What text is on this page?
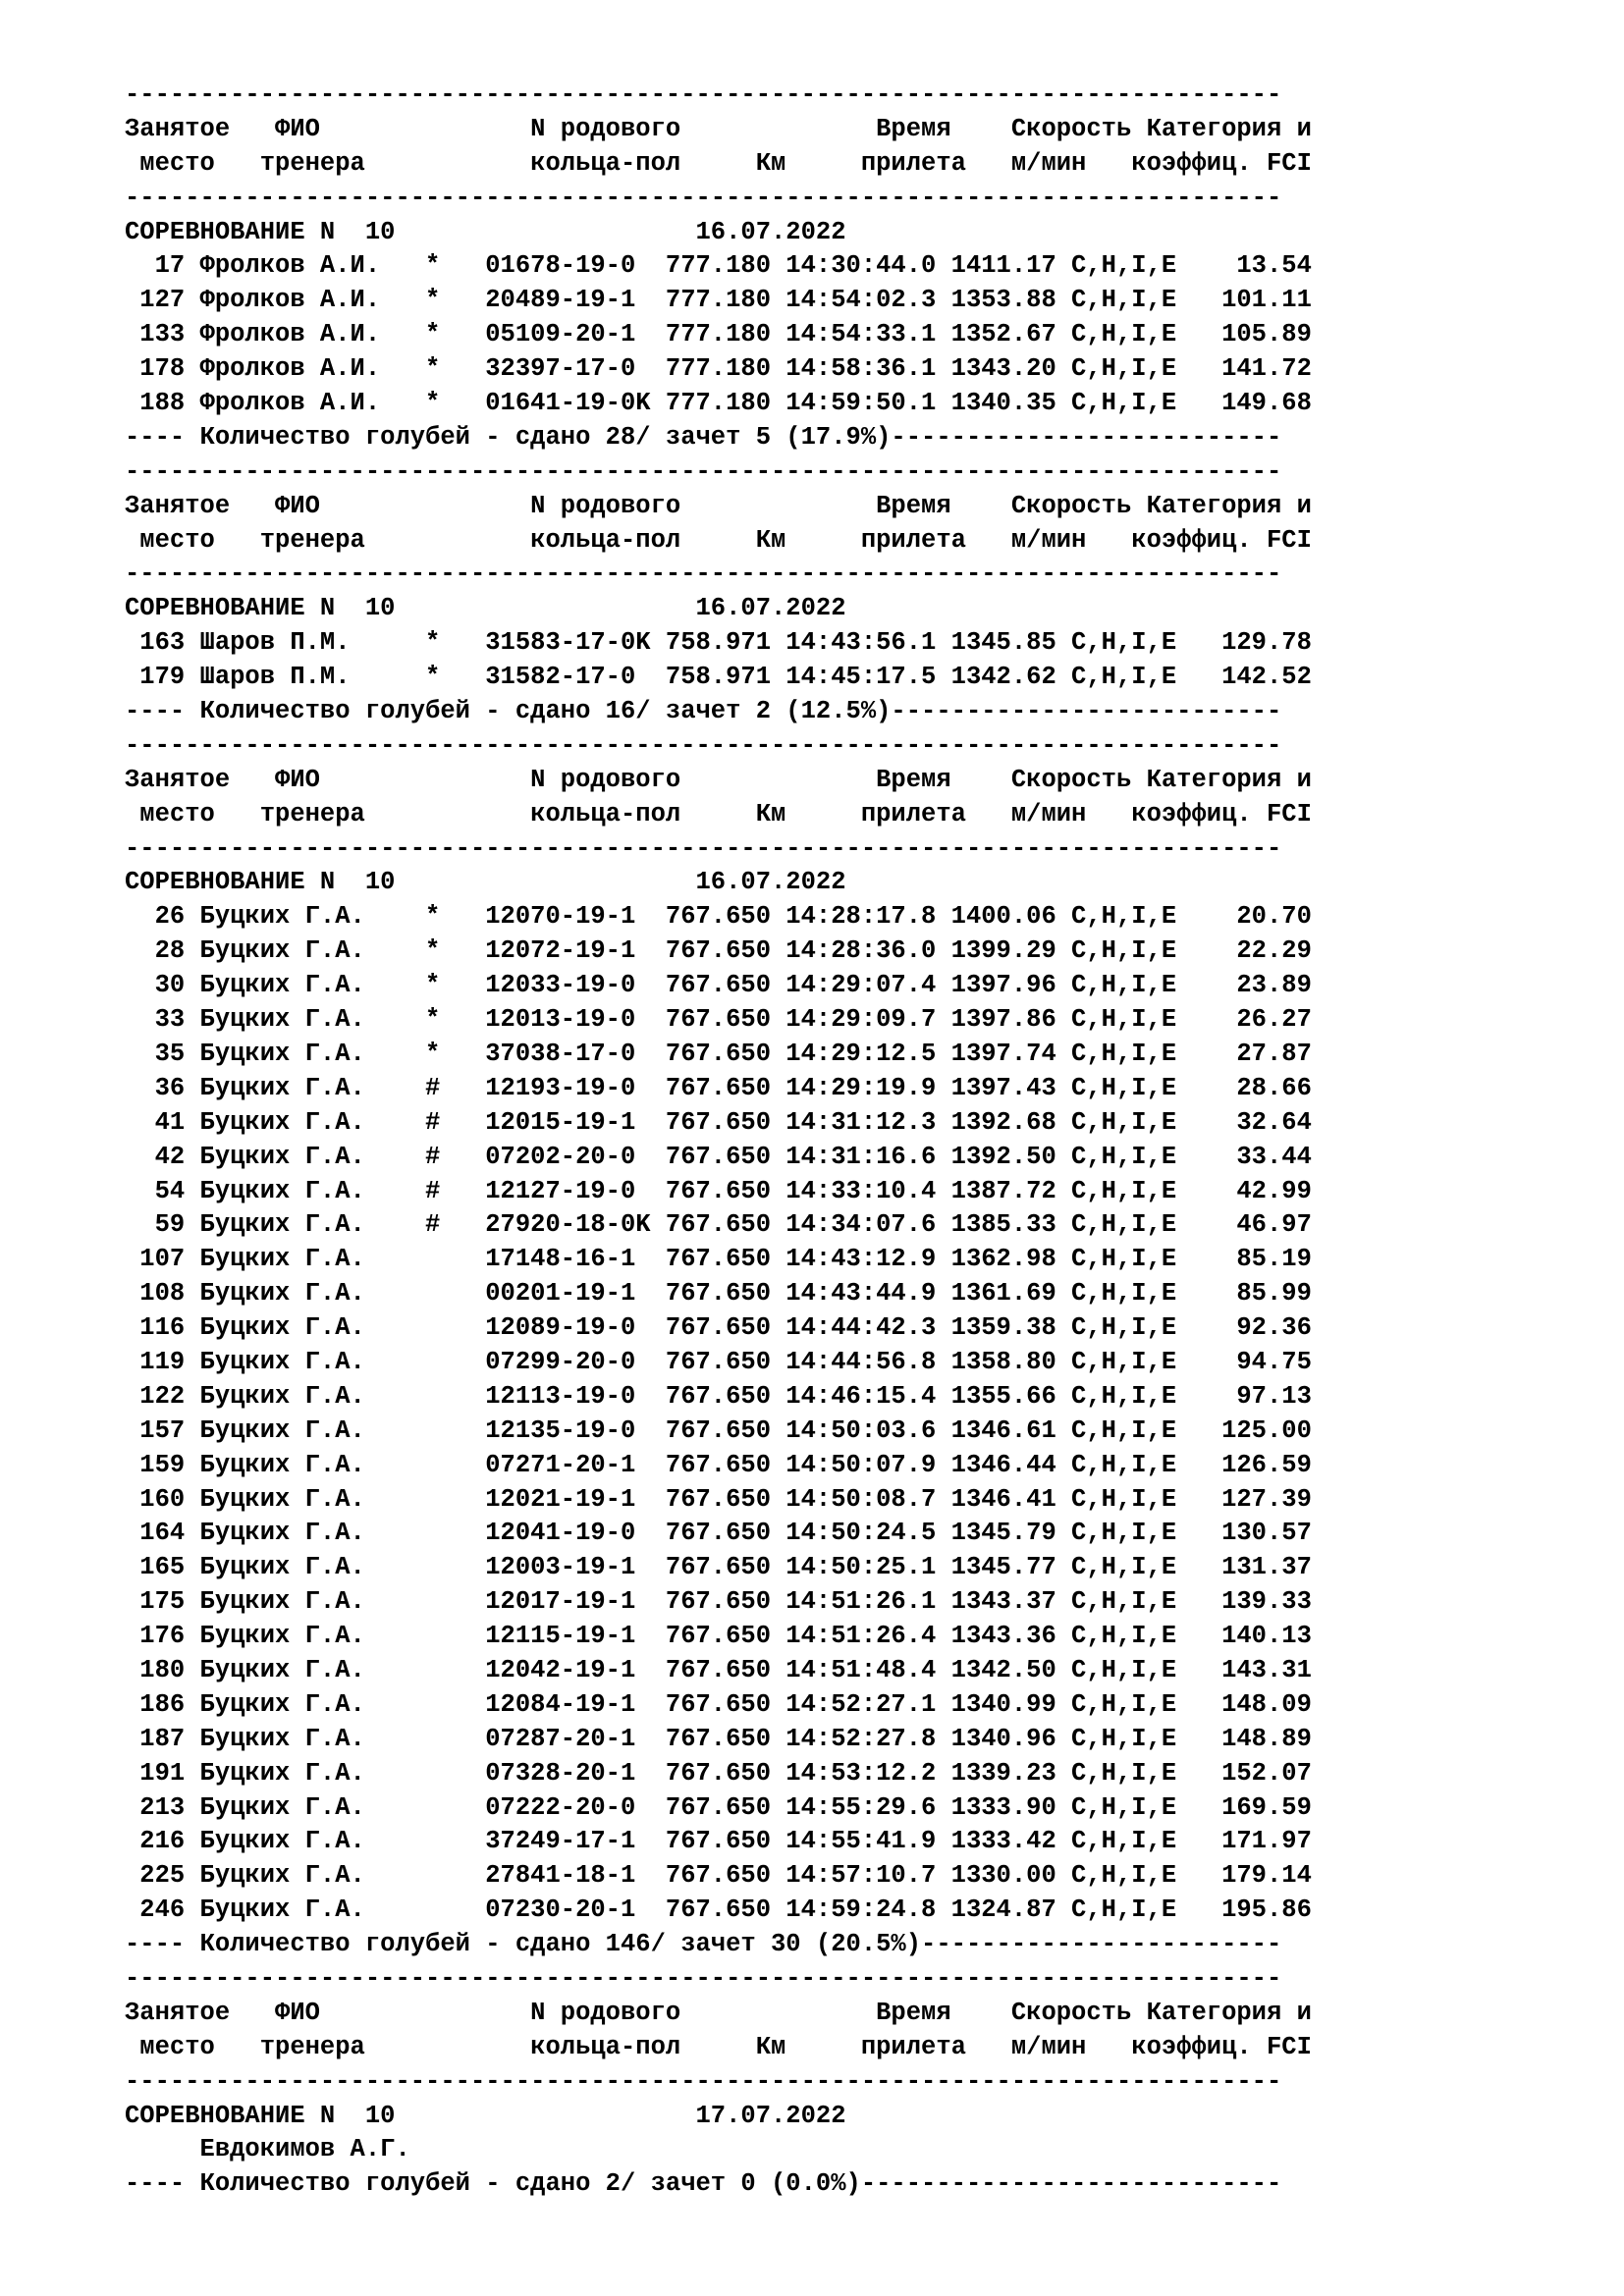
-----------------------------------------------------------------------------
Занятое   ФИО              N родового             Время    Скорость Категория и
место   тренера           кольца-пол     Км     прилета   м/мин   коэффиц. FCI
-----------------------------------------------------------------------------
СОРЕВНОВАНИЕ N  10                    16.07.2022
17 Фролков А.И.   *   01678-19-0  777.180 14:30:44.0 1411.17 C,H,I,E    13.54
127 Фролков А.И.   *   20489-19-1  777.180 14:54:02.3 1353.88 C,H,I,E   101.11
133 Фролков А.И.   *   05109-20-1  777.180 14:54:33.1 1352.67 C,H,I,E   105.89
178 Фролков А.И.   *   32397-17-0  777.180 14:58:36.1 1343.20 C,H,I,E   141.72
188 Фролков А.И.   *   01641-19-0K 777.180 14:59:50.1 1340.35 C,H,I,E   149.68
---- Количество голубей - сдано 28/ зачет 5 (17.9%)--------------------------
-----------------------------------------------------------------------------
Занятое   ФИО              N родового             Время    Скорость Категория и
место   тренера           кольца-пол     Км     прилета   м/мин   коэффиц. FCI
-----------------------------------------------------------------------------
СОРЕВНОВАНИЕ N  10                    16.07.2022
163 Шаров П.М.     *   31583-17-0K 758.971 14:43:56.1 1345.85 C,H,I,E   129.78
179 Шаров П.М.     *   31582-17-0  758.971 14:45:17.5 1342.62 C,H,I,E   142.52
---- Количество голубей - сдано 16/ зачет 2 (12.5%)--------------------------
-----------------------------------------------------------------------------
Занятое   ФИО              N родового             Время    Скорость Категория и
место   тренера           кольца-пол     Км     прилета   м/мин   коэффиц. FCI
-----------------------------------------------------------------------------
СОРЕВНОВАНИЕ N  10                    16.07.2022
26 Буцких Г.А.    *   12070-19-1  767.650 14:28:17.8 1400.06 C,H,I,E    20.70
28 Буцких Г.А.    *   12072-19-1  767.650 14:28:36.0 1399.29 C,H,I,E    22.29
30 Буцких Г.А.    *   12033-19-0  767.650 14:29:07.4 1397.96 C,H,I,E    23.89
33 Буцких Г.А.    *   12013-19-0  767.650 14:29:09.7 1397.86 C,H,I,E    26.27
35 Буцких Г.А.    *   37038-17-0  767.650 14:29:12.5 1397.74 C,H,I,E    27.87
36 Буцких Г.А.    #   12193-19-0  767.650 14:29:19.9 1397.43 C,H,I,E    28.66
41 Буцких Г.А.    #   12015-19-1  767.650 14:31:12.3 1392.68 C,H,I,E    32.64
42 Буцких Г.А.    #   07202-20-0  767.650 14:31:16.6 1392.50 C,H,I,E    33.44
54 Буцких Г.А.    #   12127-19-0  767.650 14:33:10.4 1387.72 C,H,I,E    42.99
59 Буцких Г.А.    #   27920-18-0K 767.650 14:34:07.6 1385.33 C,H,I,E    46.97
107 Буцких Г.А.        17148-16-1  767.650 14:43:12.9 1362.98 C,H,I,E    85.19
108 Буцких Г.А.        00201-19-1  767.650 14:43:44.9 1361.69 C,H,I,E    85.99
116 Буцких Г.А.        12089-19-0  767.650 14:44:42.3 1359.38 C,H,I,E    92.36
119 Буцких Г.А.        07299-20-0  767.650 14:44:56.8 1358.80 C,H,I,E    94.75
122 Буцких Г.А.        12113-19-0  767.650 14:46:15.4 1355.66 C,H,I,E    97.13
157 Буцких Г.А.        12135-19-0  767.650 14:50:03.6 1346.61 C,H,I,E   125.00
159 Буцких Г.А.        07271-20-1  767.650 14:50:07.9 1346.44 C,H,I,E   126.59
160 Буцких Г.А.        12021-19-1  767.650 14:50:08.7 1346.41 C,H,I,E   127.39
164 Буцких Г.А.        12041-19-0  767.650 14:50:24.5 1345.79 C,H,I,E   130.57
165 Буцких Г.А.        12003-19-1  767.650 14:50:25.1 1345.77 C,H,I,E   131.37
175 Буцких Г.А.        12017-19-1  767.650 14:51:26.1 1343.37 C,H,I,E   139.33
176 Буцких Г.А.        12115-19-1  767.650 14:51:26.4 1343.36 C,H,I,E   140.13
180 Буцких Г.А.        12042-19-1  767.650 14:51:48.4 1342.50 C,H,I,E   143.31
186 Буцких Г.А.        12084-19-1  767.650 14:52:27.1 1340.99 C,H,I,E   148.09
187 Буцких Г.А.        07287-20-1  767.650 14:52:27.8 1340.96 C,H,I,E   148.89
191 Буцких Г.А.        07328-20-1  767.650 14:53:12.2 1339.23 C,H,I,E   152.07
213 Буцких Г.А.        07222-20-0  767.650 14:55:29.6 1333.90 C,H,I,E   169.59
216 Буцких Г.А.        37249-17-1  767.650 14:55:41.9 1333.42 C,H,I,E   171.97
225 Буцких Г.А.        27841-18-1  767.650 14:57:10.7 1330.00 C,H,I,E   179.14
246 Буцких Г.А.        07230-20-1  767.650 14:59:24.8 1324.87 C,H,I,E   195.86
---- Количество голубей - сдано 146/ зачет 30 (20.5%)------------------------
-----------------------------------------------------------------------------
Занятое   ФИО              N родового             Время    Скорость Категория и
место   тренера           кольца-пол     Км     прилета   м/мин   коэффиц. FCI
-----------------------------------------------------------------------------
СОРЕВНОВАНИЕ N  10                    17.07.2022
Евдокимов А.Г.
---- Количество голубей - сдано 2/ зачет 0 (0.0%)----------------------------
